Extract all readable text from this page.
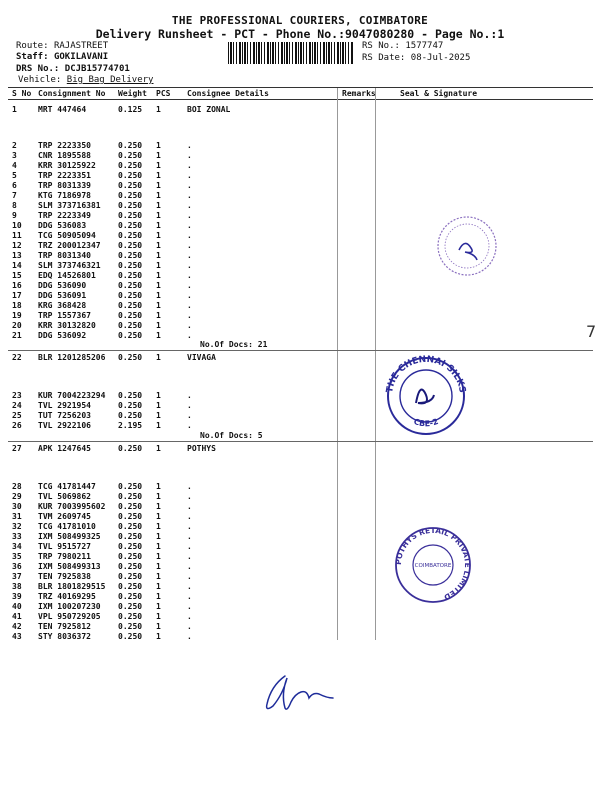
THE PROFESSIONAL COURIERS, COIMBATORE
Delivery Runsheet - PCT - Phone No.:9047080280 - Page No.:1
Route: RAJASTREET
Staff: GOKILAVANI
DRS No.: DCJB15774701
Vehicle: Big Bag Delivery
RS No.: 1577747
RS Date: 08-Jul-2025
S No Consignment No Weight PCS Consignee Details	Remarks	Seal & Signature
1	MRT 447464	0.125 1	BOI ZONAL
2	TRP 2223350	0.250 1	.
3	CNR 1895588	0.250 1	.
4	KRR 30125922	0.250 1	.
5	TRP 2223351	0.250 1	.
6	TRP 8031339	0.250 1	.
7	KTG 7186978	0.250 1	.
8	SLM 373716381 0.250 1	.
9	TRP 2223349	0.250 1	.
10 DDG 536083	0.250 1	.
11 TCG 50905094	0.250 1	.
12 TRZ 200012347 0.250 1	.
13 TRP 8031340	0.250 1	.
14 SLM 373746321 0.250 1	.
15 EDQ 14526801	0.250 1	.
16 DDG 536090	0.250 1	.
17 DDG 536091	0.250 1	.
18 KRG 368428	0.250 1	.
19 TRP 1557367	0.250 1	.
20 KRR 30132820	0.250 1	.
21 DDG 536092	0.250 1	.
No.Of Docs: 21
22 BLR 1201285206 0.250 1	VIVAGA
23 KUR 7004223294 0.250 1	.
24 TVL 2921954	0.250 1	.
25 TUT 7256203	0.250 1	.
26 TVL 2922106	2.195 1	.
No.Of Docs: 5
27 APK 1247645	0.250 1	POTHYS
28 TCG 41781447	0.250 1	.
29 TVL 5069862	0.250 1	.
30 KUR 7003995602 0.250 1	.
31 TVM 2609745	0.250 1	.
32 TCG 41781010	0.250 1	.
33 IXM 508499325 0.250 1	.
34 TVL 9515727	0.250 1	.
35 TRP 7980211	0.250 1	.
36 IXM 508499313 0.250 1	.
37 TEN 7925838	0.250 1	.
38 BLR 1801829515 0.250 1	.
39 TRZ 40169295	0.250 1	.
40 IXM 100207230 0.250 1	.
41 VPL 950729205 0.250 1	.
42 TEN 7925812	0.250 1	.
43 STY 8036372	0.250 1	.
THE CHENNAI SILKS
CBE-2
POTHYS RETAIL PRIVATE LIMITED
COIMBATORE
7
